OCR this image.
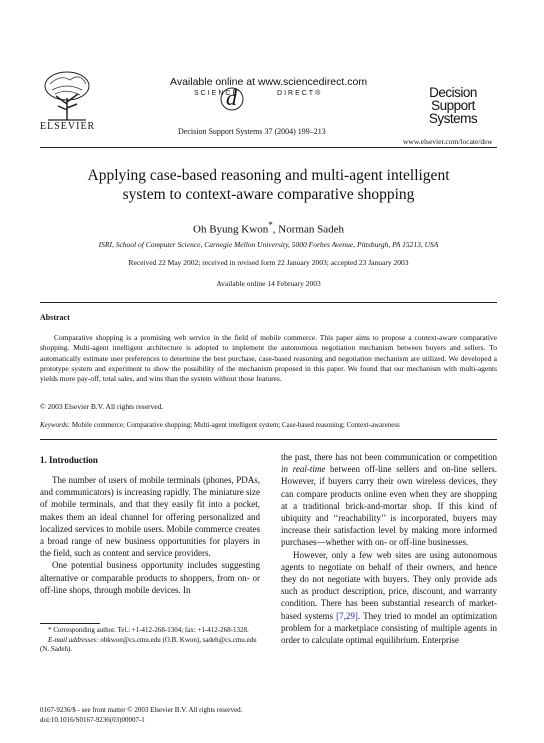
ELSEVIER
Available online at www.sciencedirect.com
SCIENCE	DIRECT®
d
Decision Support Systems 37 (2004) 199–213
Decision Support
Systems
www.elsevier.com/locate/dsw
Applying case-based reasoning and multi-agent intelligent
system to context-aware comparative shopping
Oh Byung Kwon*, Norman Sadeh
ISRI, School of Computer Science, Carnegie Mellon University, 5000 Forbes Avenue, Pittsburgh, PA 15213, USA
Received 22 May 2002; received in revised form 22 January 2003; accepted 23 January 2003
Available online 14 February 2003
Abstract
Comparative shopping is a promising web service in the field of mobile commerce. This paper aims to propose a context-aware comparative shopping. Multi-agent intelligent architecture is adopted to implement the autonomous negotiation mechanism between buyers and sellers. To automatically estimate user preferences to determine the best purchase, case-based reasoning and negotiation mechanism are utilized. We developed a prototype system and experiment to show the possibility of the mechanism proposed in this paper. We found that our mechanism with multi-agents yields more pay-off, total sales, and wins than the system without those features.
© 2003 Elsevier B.V. All rights reserved.
Keywords: Mobile commerce; Comparative shopping; Multi-agent intelligent system; Case-based reasoning; Context-awareness
1. Introduction

The number of users of mobile terminals (phones, PDAs, and communicators) is increasing rapidly. The miniature size of mobile terminals, and that they easily fit into a pocket, makes them an ideal channel for offering personalized and localized services to mobile users. Mobile commerce creates a broad range of new business opportunities for players in the field, such as content and service providers.

One potential business opportunity includes suggesting alternative or comparable products to shoppers, from on- or off-line shops, through mobile devices. In

the past, there has not been communication or competition in real-time between off-line sellers and on-line sellers. However, if buyers carry their own wireless devices, they can compare products online even when they are shopping at a traditional brick-and-mortar shop. If this kind of ubiquity and ‘‘reachability’’ is incorporated, buyers may increase their satisfaction level by making more informed purchases—whether with on- or off-line businesses.

However, only a few web sites are using autonomous agents to negotiate on behalf of their owners, and hence they do not negotiate with buyers. They only provide ads such as product description, price, discount, and warranty condition. There has been substantial research of market-based systems [7,29]. They tried to model an optimization problem for a marketplace consisting of multiple agents in order to calculate optimal equilibrium. Enterprise

* Corresponding author. Tel.: +1-412-268-1304; fax: +1-412-268-1328.
E-mail addresses: obkwon@cs.cmu.edu (O.B. Kwon), sadeh@cs.cmu.edu (N. Sadeh).
0167-9236/$ - see front matter © 2003 Elsevier B.V. All rights reserved.
doi:10.1016/S0167-9236(03)00007-1
